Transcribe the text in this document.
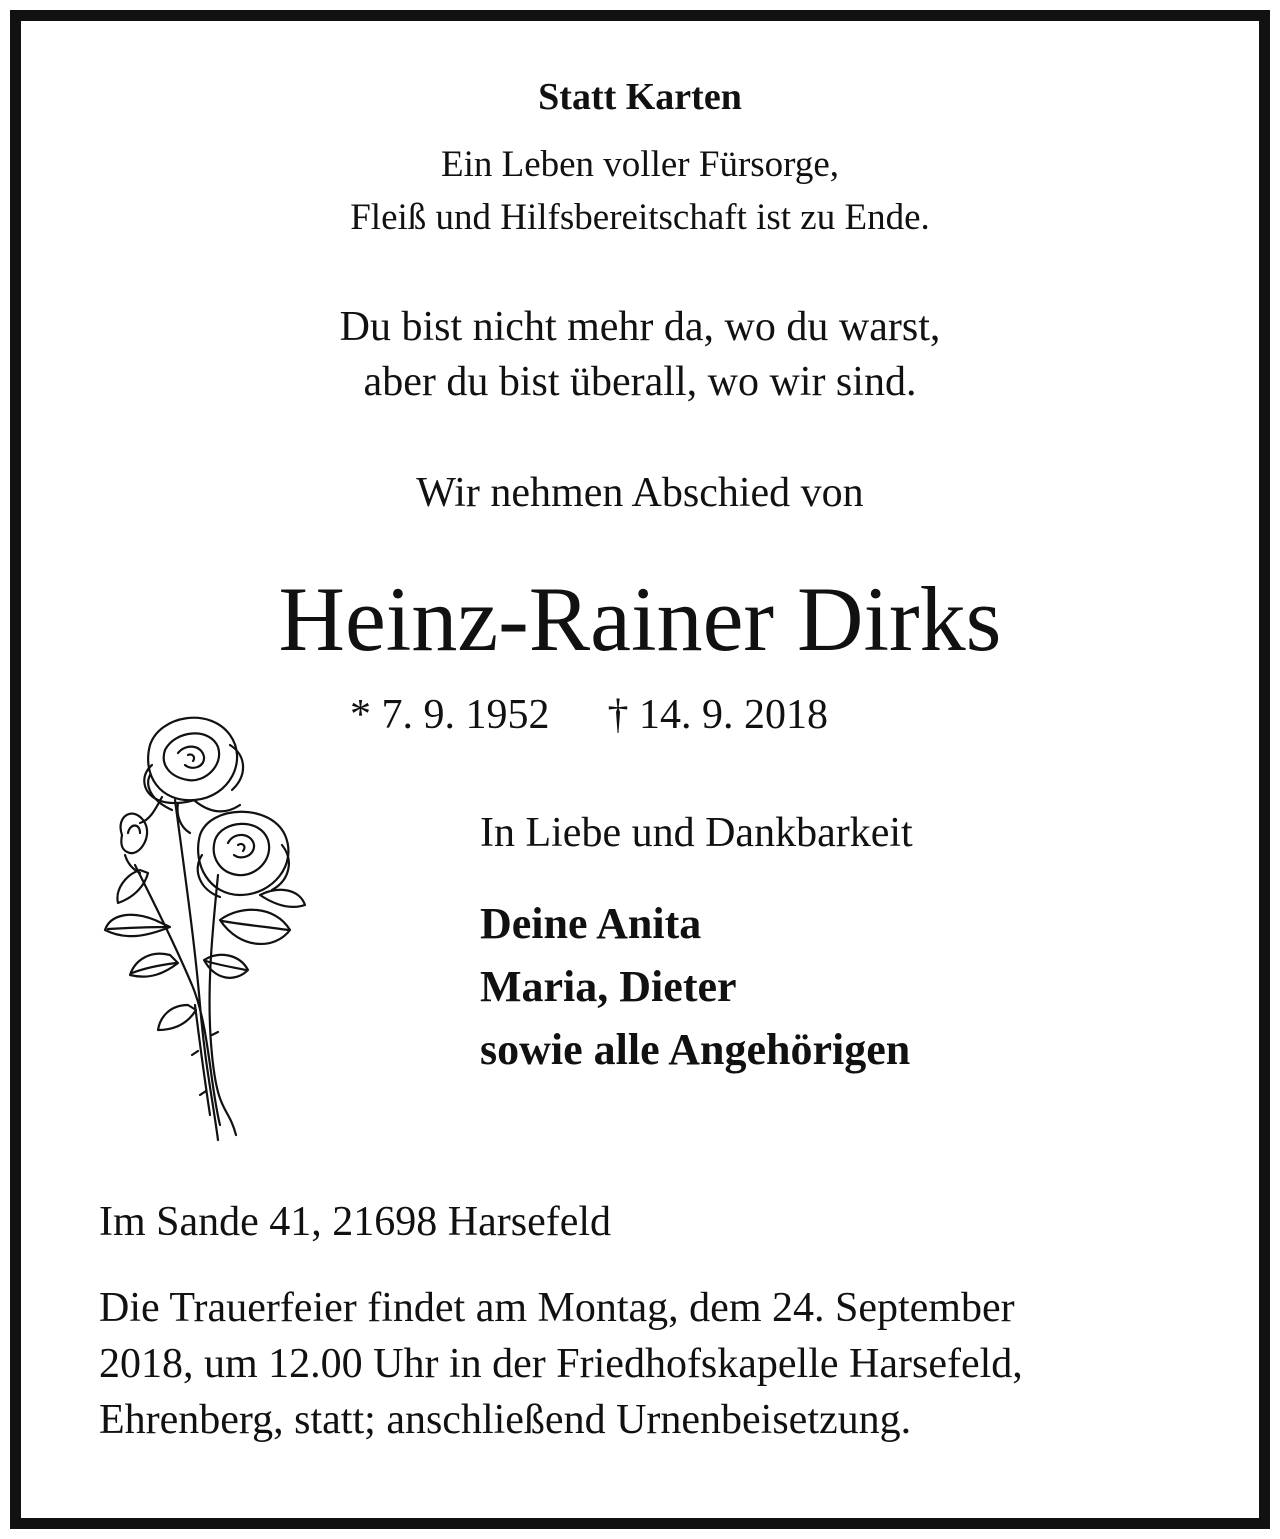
Statt Karten
Ein Leben voller Fürsorge,
Fleiß und Hilfsbereitschaft ist zu Ende.
Du bist nicht mehr da, wo du warst,
aber du bist überall, wo wir sind.
Wir nehmen Abschied von
Heinz-Rainer Dirks
* 7. 9. 1952 † 14. 9. 2018
In Liebe und Dankbarkeit
Deine Anita
Maria, Dieter
sowie alle Angehörigen
Im Sande 41, 21698 Harsefeld
Die Trauerfeier findet am Montag, dem 24. September
2018, um 12.00 Uhr in der Friedhofskapelle Harsefeld,
Ehrenberg, statt; anschließend Urnenbeisetzung.
